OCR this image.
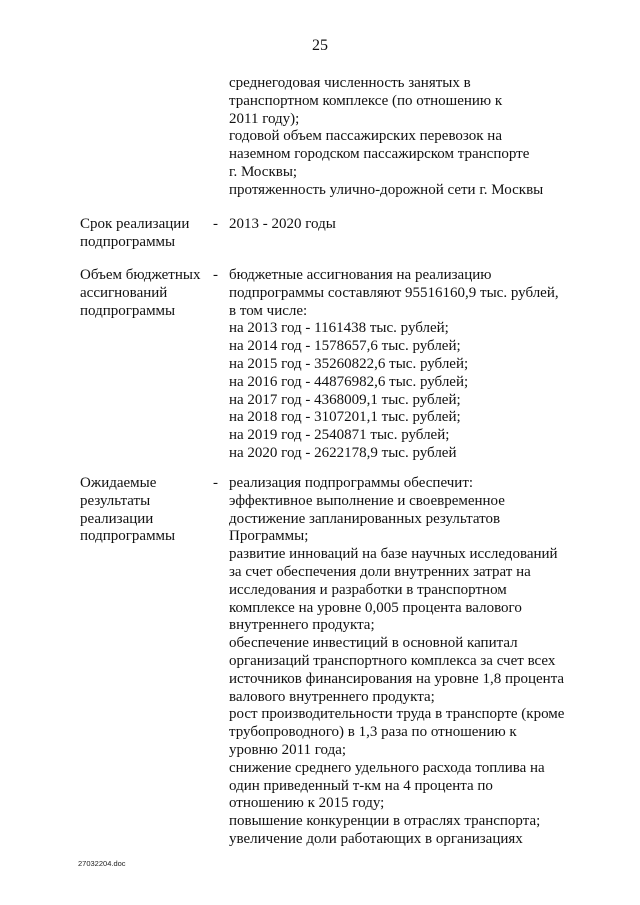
25
среднегодовая численность занятых в
транспортном комплексе (по отношению к
2011 году);
годовой объем пассажирских перевозок на
наземном городском пассажирском транспорте
г. Москвы;
протяженность улично-дорожной сети г. Москвы
Срок реализации
подпрограммы
- 2013 - 2020 годы
Объем бюджетных
ассигнований
подпрограммы
- бюджетные ассигнования на реализацию
подпрограммы составляют 95516160,9 тыс. рублей,
в том числе:
на 2013 год - 1161438 тыс. рублей;
на 2014 год - 1578657,6 тыс. рублей;
на 2015 год - 35260822,6 тыс. рублей;
на 2016 год - 44876982,6 тыс. рублей;
на 2017 год - 4368009,1 тыс. рублей;
на 2018 год - 3107201,1 тыс. рублей;
на 2019 год - 2540871 тыс. рублей;
на 2020 год - 2622178,9 тыс. рублей
Ожидаемые
результаты
реализации
подпрограммы
- реализация подпрограммы обеспечит:
эффективное выполнение и своевременное
достижение запланированных результатов
Программы;
развитие инноваций на базе научных исследований
за счет обеспечения доли внутренних затрат на
исследования и разработки в транспортном
комплексе на уровне 0,005 процента валового
внутреннего продукта;
обеспечение инвестиций в основной капитал
организаций транспортного комплекса за счет всех
источников финансирования на уровне 1,8 процента
валового внутреннего продукта;
рост производительности труда в транспорте (кроме
трубопроводного) в 1,3 раза по отношению к
уровню 2011 года;
снижение среднего удельного расхода топлива на
один приведенный т-км на 4 процента по
отношению к 2015 году;
повышение конкуренции в отраслях транспорта;
увеличение доли работающих в организациях
27032204.doc
